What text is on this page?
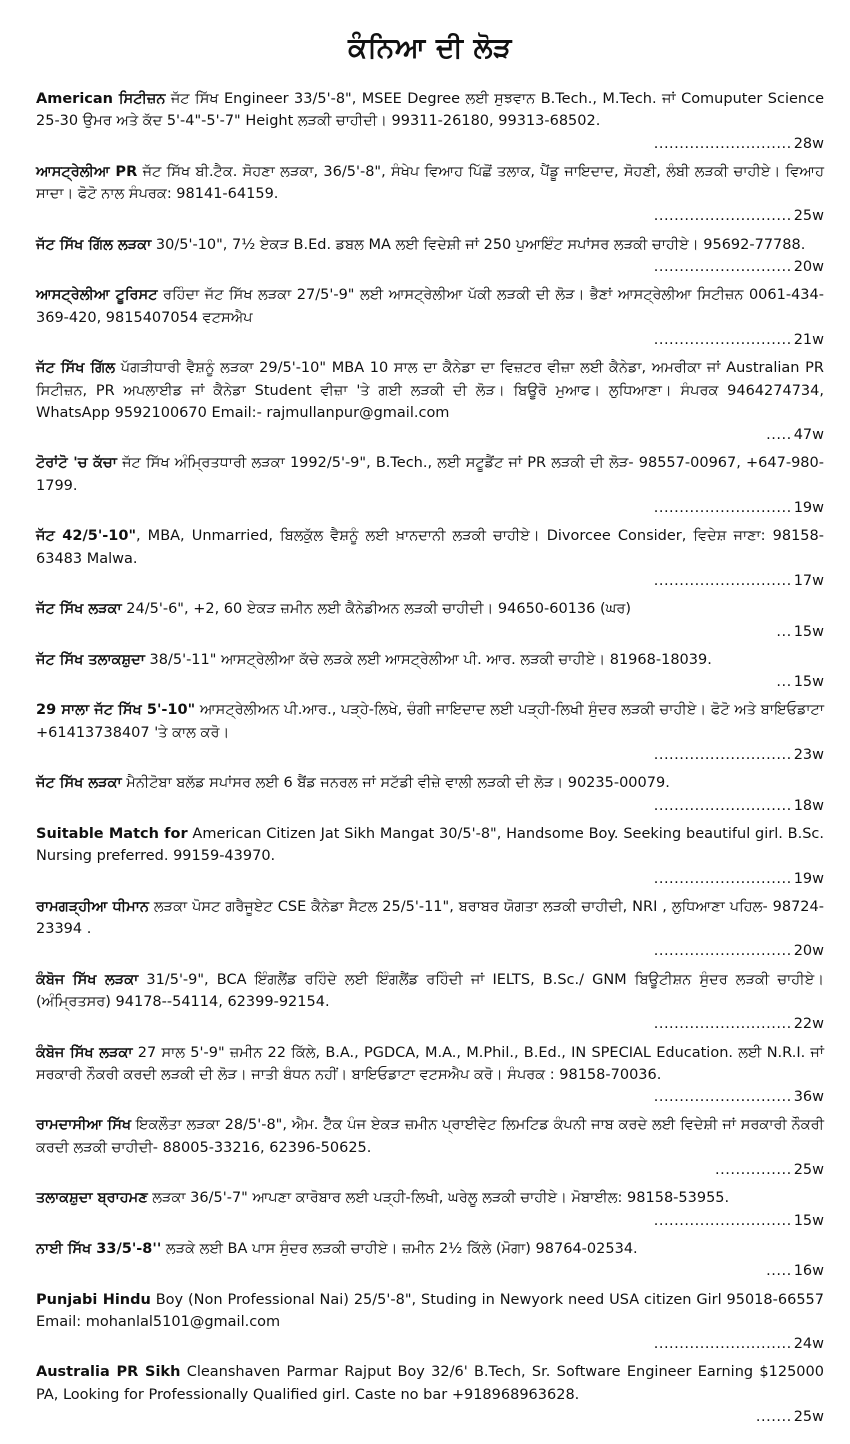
ਕੰਨਿਆ ਦੀ ਲੋੜ
American ਸਿਟੀਜ਼ਨ ਜੱਟ ਸਿੱਖ Engineer 33/5'-8", MSEE Degree ਲਈ ਸੁਝਵਾਨ B.Tech., M.Tech. ਜਾਂ Comuputer Science 25-30 ਉਮਰ ਅਤੇ ਕੱਦ 5'-4"-5'-7" Height ਲੜਕੀ ਚਾਹੀਦੀ। 99311-26180, 99313-68502.
........................... 28w
ਆਸਟ੍ਰੇਲੀਆ PR ਜੱਟ ਸਿੱਖ ਬੀ.ਟੈਕ. ਸੋਹਣਾ ਲੜਕਾ, 36/5'-8", ਸੰਖੇਪ ਵਿਆਹ ਪਿੱਛੋਂ ਤਲਾਕ, ਪੈਂਡੂ ਜਾਇਦਾਦ, ਸੋਹਣੀ, ਲੰਬੀ ਲੜਕੀ ਚਾਹੀਏ। ਵਿਆਹ ਸਾਦਾ। ਫੋਟੋ ਨਾਲ ਸੰਪਰਕ: 98141-64159.
........................... 25w
ਜੱਟ ਸਿੱਖ ਗਿੱਲ ਲੜਕਾ 30/5'-10", 7½ ਏਕੜ B.Ed. ਡਬਲ MA ਲਈ ਵਿਦੇਸ਼ੀ ਜਾਂ 250 ਪੁਆਇੰਟ ਸਪਾਂਸਰ ਲੜਕੀ ਚਾਹੀਏ। 95692-77788.
........................... 20w
ਆਸਟ੍ਰੇਲੀਆ ਟੂਰਿਸਟ ਰਹਿੰਦਾ ਜੱਟ ਸਿੱਖ ਲੜਕਾ 27/5'-9" ਲਈ ਆਸਟ੍ਰੇਲੀਆ ਪੱਕੀ ਲੜਕੀ ਦੀ ਲੋੜ। ਭੈਣਾਂ ਆਸਟ੍ਰੇਲੀਆ ਸਿਟੀਜ਼ਨ 0061-434-369-420, 9815407054 ਵਟਸਐਪ
........................... 21w
ਜੱਟ ਸਿੱਖ ਗਿੱਲ ਪੱਗੜੀਧਾਰੀ ਵੈਸ਼ਨੂੰ ਲੜਕਾ 29/5'-10" MBA 10 ਸਾਲ ਦਾ ਕੈਨੇਡਾ ਦਾ ਵਿਜ਼ਟਰ ਵੀਜ਼ਾ ਲਈ ਕੈਨੇਡਾ, ਅਮਰੀਕਾ ਜਾਂ Australian PR ਸਿਟੀਜ਼ਨ, PR ਅਪਲਾਈਡ ਜਾਂ ਕੈਨੇਡਾ Student ਵੀਜ਼ਾ 'ਤੇ ਗਈ ਲੜਕੀ ਦੀ ਲੋੜ। ਬਿਊਰੋ ਮੁਆਫ। ਲੁਧਿਆਣਾ। ਸੰਪਰਕ 9464274734, WhatsApp 9592100670 Email:- rajmullanpur@gmail.com
..... 47w
ਟੋਰਾਂਟੋ 'ਚ ਕੱਚਾ ਜੱਟ ਸਿੱਖ ਅੰਮ੍ਰਿਤਧਾਰੀ ਲੜਕਾ 1992/5'-9", B.Tech., ਲਈ ਸਟੂਡੈਂਟ ਜਾਂ PR ਲੜਕੀ ਦੀ ਲੋੜ- 98557-00967, +647-980-1799.
........................... 19w
ਜੱਟ 42/5'-10", MBA, Unmarried, ਬਿਲਕੁੱਲ ਵੈਸ਼ਨੂੰ ਲਈ ਖ਼ਾਨਦਾਨੀ ਲੜਕੀ ਚਾਹੀਏ। Divorcee Consider, ਵਿਦੇਸ਼ ਜਾਣਾ: 98158-63483 Malwa.
........................... 17w
ਜੱਟ ਸਿੱਖ ਲੜਕਾ 24/5'-6", +2, 60 ਏਕੜ ਜ਼ਮੀਨ ਲਈ ਕੈਨੇਡੀਅਨ ਲੜਕੀ ਚਾਹੀਦੀ। 94650-60136 (ਘਰ)
... 15w
ਜੱਟ ਸਿੱਖ ਤਲਾਕਸ਼ੁਦਾ 38/5'-11" ਆਸਟ੍ਰੇਲੀਆ ਕੱਚੇ ਲੜਕੇ ਲਈ ਆਸਟ੍ਰੇਲੀਆ ਪੀ. ਆਰ. ਲੜਕੀ ਚਾਹੀਏ। 81968-18039.
... 15w
29 ਸਾਲਾ ਜੱਟ ਸਿੱਖ 5'-10" ਆਸਟ੍ਰੇਲੀਅਨ ਪੀ.ਆਰ., ਪੜ੍ਹੇ-ਲਿਖੇ, ਚੰਗੀ ਜਾਇਦਾਦ ਲਈ ਪੜ੍ਹੀ-ਲਿਖੀ ਸੁੰਦਰ ਲੜਕੀ ਚਾਹੀਏ। ਫੋਟੋ ਅਤੇ ਬਾਇਓਡਾਟਾ +61413738407 'ਤੇ ਕਾਲ ਕਰੋ।
........................... 23w
ਜੱਟ ਸਿੱਖ ਲੜਕਾ ਮੈਨੀਟੋਬਾ ਬਲੱਡ ਸਪਾਂਸਰ ਲਈ 6 ਬੈਂਡ ਜਨਰਲ ਜਾਂ ਸਟੱਡੀ ਵੀਜ਼ੇ ਵਾਲੀ ਲੜਕੀ ਦੀ ਲੋੜ। 90235-00079.
........................... 18w
Suitable Match for American Citizen Jat Sikh Mangat 30/5'-8", Handsome Boy. Seeking beautiful girl. B.Sc. Nursing preferred. 99159-43970.
........................... 19w
ਰਾਮਗੜ੍ਹੀਆ ਧੀਮਾਨ ਲੜਕਾ ਪੋਸਟ ਗਰੈਜੂਏਟ CSE ਕੈਨੇਡਾ ਸੈਟਲ 25/5'-11", ਬਰਾਬਰ ਯੋਗਤਾ ਲੜਕੀ ਚਾਹੀਦੀ, NRI , ਲੁਧਿਆਣਾ ਪਹਿਲ- 98724-23394 .
........................... 20w
ਕੰਬੋਜ ਸਿੱਖ ਲੜਕਾ 31/5'-9", BCA ਇੰਗਲੈਂਡ ਰਹਿੰਦੇ ਲਈ ਇੰਗਲੈਂਡ ਰਹਿੰਦੀ ਜਾਂ IELTS, B.Sc./ GNM ਬਿਊਟੀਸ਼ਨ ਸੁੰਦਰ ਲੜਕੀ ਚਾਹੀਏ। (ਅੰਮ੍ਰਿਤਸਰ) 94178--54114, 62399-92154.
........................... 22w
ਕੰਬੋਜ ਸਿੱਖ ਲੜਕਾ 27 ਸਾਲ 5'-9" ਜ਼ਮੀਨ 22 ਕਿੱਲੇ, B.A., PGDCA, M.A., M.Phil., B.Ed., IN SPECIAL Education. ਲਈ N.R.I. ਜਾਂ ਸਰਕਾਰੀ ਨੌਕਰੀ ਕਰਦੀ ਲੜਕੀ ਦੀ ਲੋੜ। ਜਾਤੀ ਬੰਧਨ ਨਹੀਂ। ਬਾਇਓਡਾਟਾ ਵਟਸਐਪ ਕਰੋ। ਸੰਪਰਕ : 98158-70036.
........................... 36w
ਰਾਮਦਾਸੀਆ ਸਿੱਖ ਇਕਲੌਤਾ ਲੜਕਾ 28/5'-8", ਐਮ. ਟੈੱਕ ਪੰਜ ਏਕੜ ਜ਼ਮੀਨ ਪ੍ਰਾਈਵੇਟ ਲਿਮਟਿਡ ਕੰਪਨੀ ਜਾਬ ਕਰਦੇ ਲਈ ਵਿਦੇਸ਼ੀ ਜਾਂ ਸਰਕਾਰੀ ਨੌਕਰੀ ਕਰਦੀ ਲੜਕੀ ਚਾਹੀਦੀ- 88005-33216, 62396-50625.
............... 25w
ਤਲਾਕਸ਼ੁਦਾ ਬ੍ਰਾਹਮਣ ਲੜਕਾ 36/5'-7" ਆਪਣਾ ਕਾਰੋਬਾਰ ਲਈ ਪੜ੍ਹੀ-ਲਿਖੀ, ਘਰੇਲੂ ਲੜਕੀ ਚਾਹੀਏ। ਮੋਬਾਈਲ: 98158-53955.
........................... 15w
ਨਾਈ ਸਿੱਖ 33/5'-8'' ਲੜਕੇ ਲਈ BA ਪਾਸ ਸੁੰਦਰ ਲੜਕੀ ਚਾਹੀਏ। ਜ਼ਮੀਨ 2½ ਕਿੱਲੇ (ਮੋਗਾ) 98764-02534.
..... 16w
Punjabi Hindu Boy (Non Professional Nai) 25/5'-8", Studing in Newyork need USA citizen Girl 95018-66557 Email: mohanlal5101@gmail.com
........................... 24w
Australia PR Sikh Cleanshaven Parmar Rajput Boy 32/6' B.Tech, Sr. Software Engineer Earning $125000 PA, Looking for Professionally Qualified girl. Caste no bar +918968963628.
....... 25w
